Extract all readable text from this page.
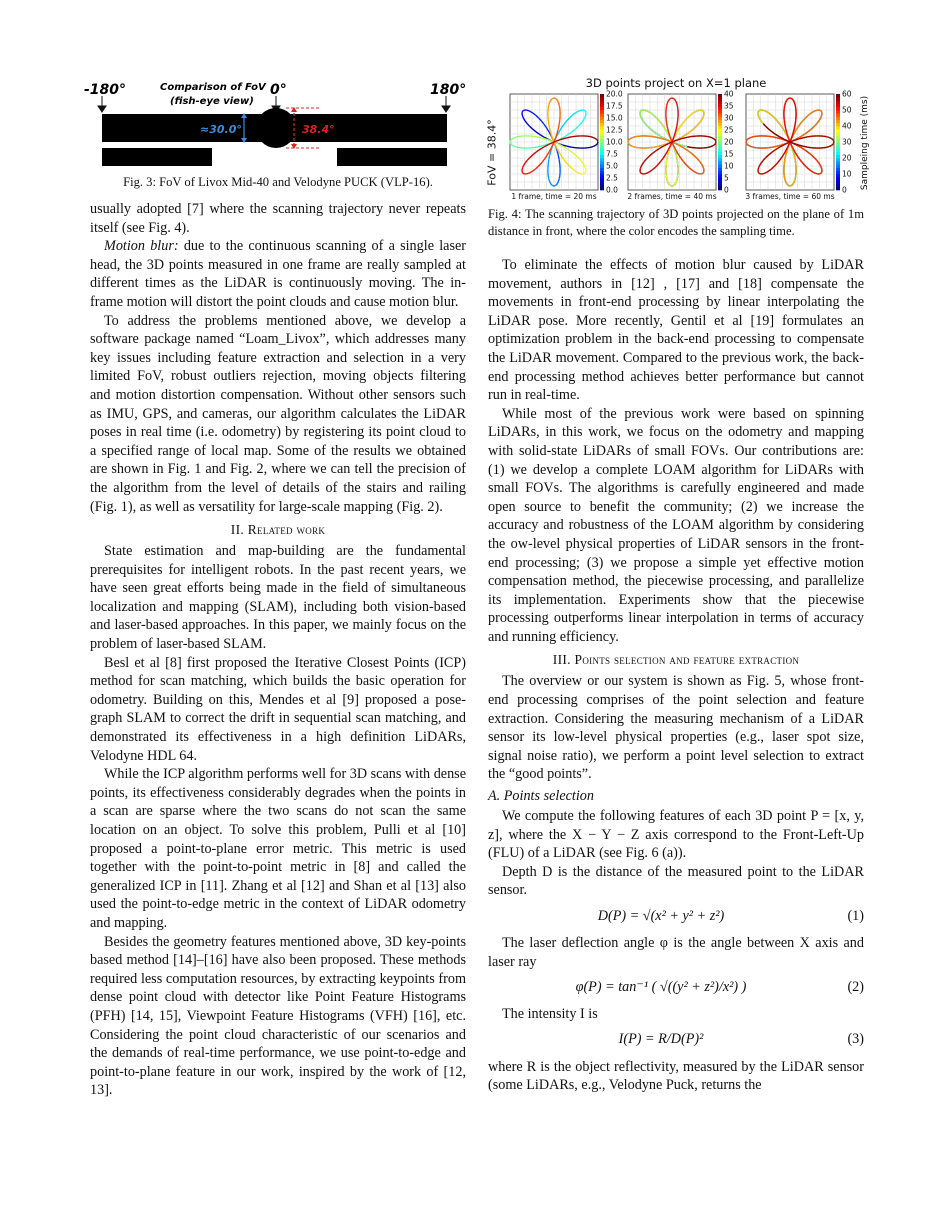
-180°	Comparison of FoV
(fish-eye view)
0°	180°
≈30.0°	38.4°
Fig. 3: FoV of Livox Mid-40 and Velodyne PUCK (VLP-16).

usually adopted [7] where the scanning trajectory never repeats itself (see Fig. 4).

Motion blur: due to the continuous scanning of a single laser head, the 3D points measured in one frame are really sampled at different times as the LiDAR is continuously moving. The in-frame motion will distort the point clouds and cause motion blur.

To address the problems mentioned above, we develop a software package named “Loam_Livox”, which addresses many key issues including feature extraction and selection in a very limited FoV, robust outliers rejection, moving objects filtering and motion distortion compensation. Without other sensors such as IMU, GPS, and cameras, our algorithm calculates the LiDAR poses in real time (i.e. odometry) by registering its point cloud to a specified range of local map. Some of the results we obtained are shown in Fig. 1 and Fig. 2, where we can tell the precision of the algorithm from the level of details of the stairs and railing (Fig. 1), as well as versatility for large-scale mapping (Fig. 2).

II. Related work

State estimation and map-building are the fundamental prerequisites for intelligent robots. In the past recent years, we have seen great efforts being made in the field of simultaneous localization and mapping (SLAM), including both vision-based and laser-based approaches. In this paper, we mainly focus on the problem of laser-based SLAM.

Besl et al [8] first proposed the Iterative Closest Points (ICP) method for scan matching, which builds the basic operation for odometry. Building on this, Mendes et al [9] proposed a pose-graph SLAM to correct the drift in sequential scan matching, and demonstrated its effectiveness in a high definition LiDARs, Velodyne HDL 64.

While the ICP algorithm performs well for 3D scans with dense points, its effectiveness considerably degrades when the points in a scan are sparse where the two scans do not scan the same location on an object. To solve this problem, Pulli et al [10] proposed a point-to-plane error metric. This metric is used together with the point-to-point metric in [8] and called the generalized ICP in [11]. Zhang et al [12] and Shan et al [13] also used the point-to-edge metric in the context of LiDAR odometry and mapping.

Besides the geometry features mentioned above, 3D key-points based method [14]–[16] have also been proposed. These methods required less computation resources, by extracting keypoints from dense point cloud with detector like Point Feature Histograms (PFH) [14, 15], Viewpoint Feature Histograms (VFH) [16], etc. Considering the point cloud characteristic of our scenarios and the demands of real-time performance, we use point-to-edge and point-to-plane feature in our work, inspired by the work of [12, 13].

3D points project on X=1 plane
FoV = 38.4°	Sampleing time (ms)
20.0
17.5
15.0
12.5
10.0
7.5
5.0
2.5
0.0
1 frame, time = 20 ms
40
35
30
25
20
15
10
5
0
2 frames, time = 40 ms
60
50
40
30
20
10
0
3 frames, time = 60 ms
Fig. 4: The scanning trajectory of 3D points projected on the plane of 1m distance in front, where the color encodes the sampling time.

To eliminate the effects of motion blur caused by LiDAR movement, authors in [12] , [17] and [18] compensate the movements in front-end processing by linear interpolating the LiDAR pose. More recently, Gentil et al [19] formulates an optimization problem in the back-end processing to compensate the LiDAR movement. Compared to the previous work, the back-end processing method achieves better performance but cannot run in real-time.

While most of the previous work were based on spinning LiDARs, in this work, we focus on the odometry and mapping with solid-state LiDARs of small FOVs. Our contributions are: (1) we develop a complete LOAM algorithm for LiDARs with small FOVs. The algorithms is carefully engineered and made open source to benefit the community; (2) we increase the accuracy and robustness of the LOAM algorithm by considering the ow-level physical properties of LiDAR sensors in the front-end processing; (3) we propose a simple yet effective motion compensation method, the piecewise processing, and parallelize its implementation. Experiments show that the piecewise processing outperforms linear interpolation in terms of accuracy and running efficiency.

III. Points selection and feature extraction

The overview or our system is shown as Fig. 5, whose front-end processing comprises of the point selection and feature extraction. Considering the measuring mechanism of a LiDAR sensor its low-level physical properties (e.g., laser spot size, signal noise ratio), we perform a point level selection to extract the “good points”.

A. Points selection

We compute the following features of each 3D point P = [x, y, z], where the X − Y − Z axis correspond to the Front-Left-Up (FLU) of a LiDAR (see Fig. 6 (a)).

Depth D is the distance of the measured point to the LiDAR sensor.

D(P) = √(x² + y² + z²)	(1)

The laser deflection angle φ is the angle between X axis and laser ray

φ(P) = tan⁻¹ ( √((y² + z²)/x²) )	(2)

The intensity I is

I(P) = R/D(P)²	(3)

where R is the object reflectivity, measured by the LiDAR sensor (some LiDARs, e.g., Velodyne Puck, returns the
